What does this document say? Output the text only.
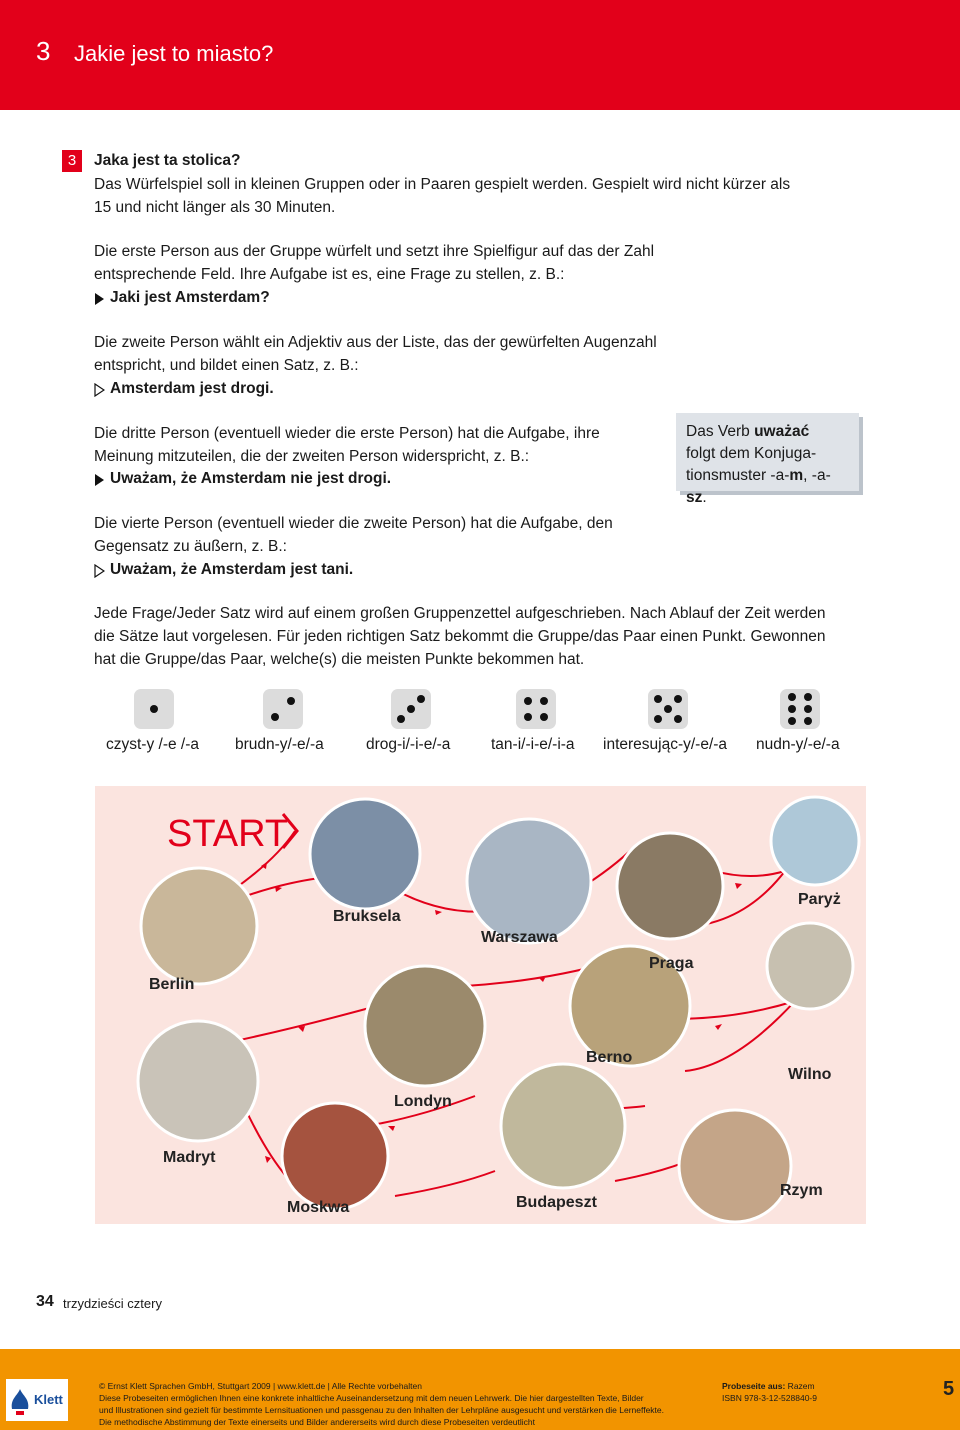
3 Jakie jest to miasto?
3	Jaka jest ta stolica?
Das Würfelspiel soll in kleinen Gruppen oder in Paaren gespielt werden. Gespielt wird nicht kürzer als
15 und nicht länger als 30 Minuten.
Die erste Person aus der Gruppe würfelt und setzt ihre Spielfigur auf das der Zahl
entsprechende Feld. Ihre Aufgabe ist es, eine Frage zu stellen, z. B.:
Jaki jest Amsterdam?
Die zweite Person wählt ein Adjektiv aus der Liste, das der gewürfelten Augenzahl
entspricht, und bildet einen Satz, z. B.:
Amsterdam jest drogi.
Die dritte Person (eventuell wieder die erste Person) hat die Aufgabe, ihre
Meinung mitzuteilen, die der zweiten Person widerspricht, z. B.:
Uważam, że Amsterdam nie jest drogi.
Das Verb uważać
folgt dem Konjuga-
tionsmuster -a-m, -a-sz.
Die vierte Person (eventuell wieder die zweite Person) hat die Aufgabe, den
Gegensatz zu äußern, z. B.:
Uważam, że Amsterdam jest tani.
Jede Frage/Jeder Satz wird auf einem großen Gruppenzettel aufgeschrieben. Nach Ablauf der Zeit werden
die Sätze laut vorgelesen. Für jeden richtigen Satz bekommt die Gruppe/das Paar einen Punkt. Gewonnen
hat die Gruppe/das Paar, welche(s) die meisten Punkte bekommen hat.
czyst-y /-e /-a brudn-y/-e/-a	drog-i/-i-e/-a	tan-i/-i-e/-i-a interesując-y/-e/-a nudn-y/-e/-a
START
Bruksela
Warszawa
Paryż
Berlin
Praga
Berno
Wilno
Londyn
Madryt
Moskwa	Budapeszt
Rzym
34 trzydzieści cztery
Klett
© Ernst Klett Sprachen GmbH, Stuttgart 2009 | www.klett.de | Alle Rechte vorbehalten
Diese Probeseiten ermöglichen Ihnen eine konkrete inhaltliche Auseinandersetzung mit dem neuen Lehrwerk. Die hier dargestellten Texte, Bilder
und Illustrationen sind gezielt für bestimmte Lernsituationen und passgenau zu den Inhalten der Lehrpläne ausgesucht und verstärken die Lerneffekte.
Die methodische Abstimmung der Texte einerseits und Bilder andererseits wird durch diese Probeseiten verdeutlicht
Probeseite aus: Razem
ISBN 978-3-12-528840-9	5
